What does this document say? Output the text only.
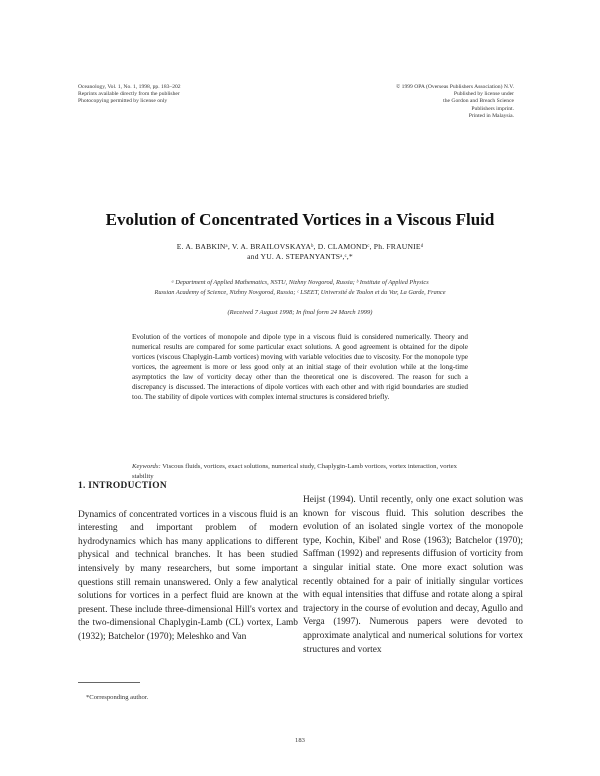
Oceanology, Vol. 1, No. 1, 1998, pp. 183–202
Reprints available directly from the publisher
Photocopying permitted by license only
© 1999 OPA (Overseas Publishers Association) N.V.
Published by license under
the Gordon and Breach Science
Publishers imprint.
Printed in Malaysia.
Evolution of Concentrated Vortices in a Viscous Fluid
E. A. BABKINᵃ, V. A. BRAILOVSKAYAᵇ, D. CLAMONDᶜ, Ph. FRAUNIEᵈ
and YU. A. STEPANYANTSᵃ,ᶜ,*
ᵃ Department of Applied Mathematics, NSTU, Nizhny Novgorod, Russia; ᵇ Institute of Applied Physics
Russian Academy of Science, Nizhny Novgorod, Russia; ᶜ LSEET, Université de Toulon et du Var, La Garde, France
(Received 7 August 1998; In final form 24 March 1999)
Evolution of the vortices of monopole and dipole type in a viscous fluid is considered numerically. Theory and numerical results are compared for some particular exact solutions. A good agreement is obtained for the dipole vortices (viscous Chaplygin-Lamb vortices) moving with variable velocities due to viscosity. For the monopole type vortices, the agreement is more or less good only at an initial stage of their evolution while at the long-time asymptotics the law of vorticity decay other than the theoretical one is discovered. The reason for such a discrepancy is discussed. The interactions of dipole vortices with each other and with rigid boundaries are studied too. The stability of dipole vortices with complex internal structures is considered briefly.
Keywords: Viscous fluids, vortices, exact solutions, numerical study, Chaplygin-Lamb vortices, vortex interaction, vortex stability
1. INTRODUCTION

Dynamics of concentrated vortices in a viscous fluid is an interesting and important problem of modern hydrodynamics which has many applications to different physical and technical branches. It has been studied intensively by many researchers, but some important questions still remain unanswered. Only a few analytical solutions for vortices in a perfect fluid are known at the present. These include three-dimensional Hill's vortex and the two-dimensional Chaplygin-Lamb (CL) vortex, Lamb (1932); Batchelor (1970); Meleshko and Van

Heijst (1994). Until recently, only one exact solution was known for viscous fluid. This solution describes the evolution of an isolated single vortex of the monopole type, Kochin, Kibel' and Rose (1963); Batchelor (1970); Saffman (1992) and represents diffusion of vorticity from a singular initial state. One more exact solution was recently obtained for a pair of initially singular vortices with equal intensities that diffuse and rotate along a spiral trajectory in the course of evolution and decay, Agullo and Verga (1997). Numerous papers were devoted to approximate analytical and numerical solutions for vortex structures and vortex

*Corresponding author.
183
